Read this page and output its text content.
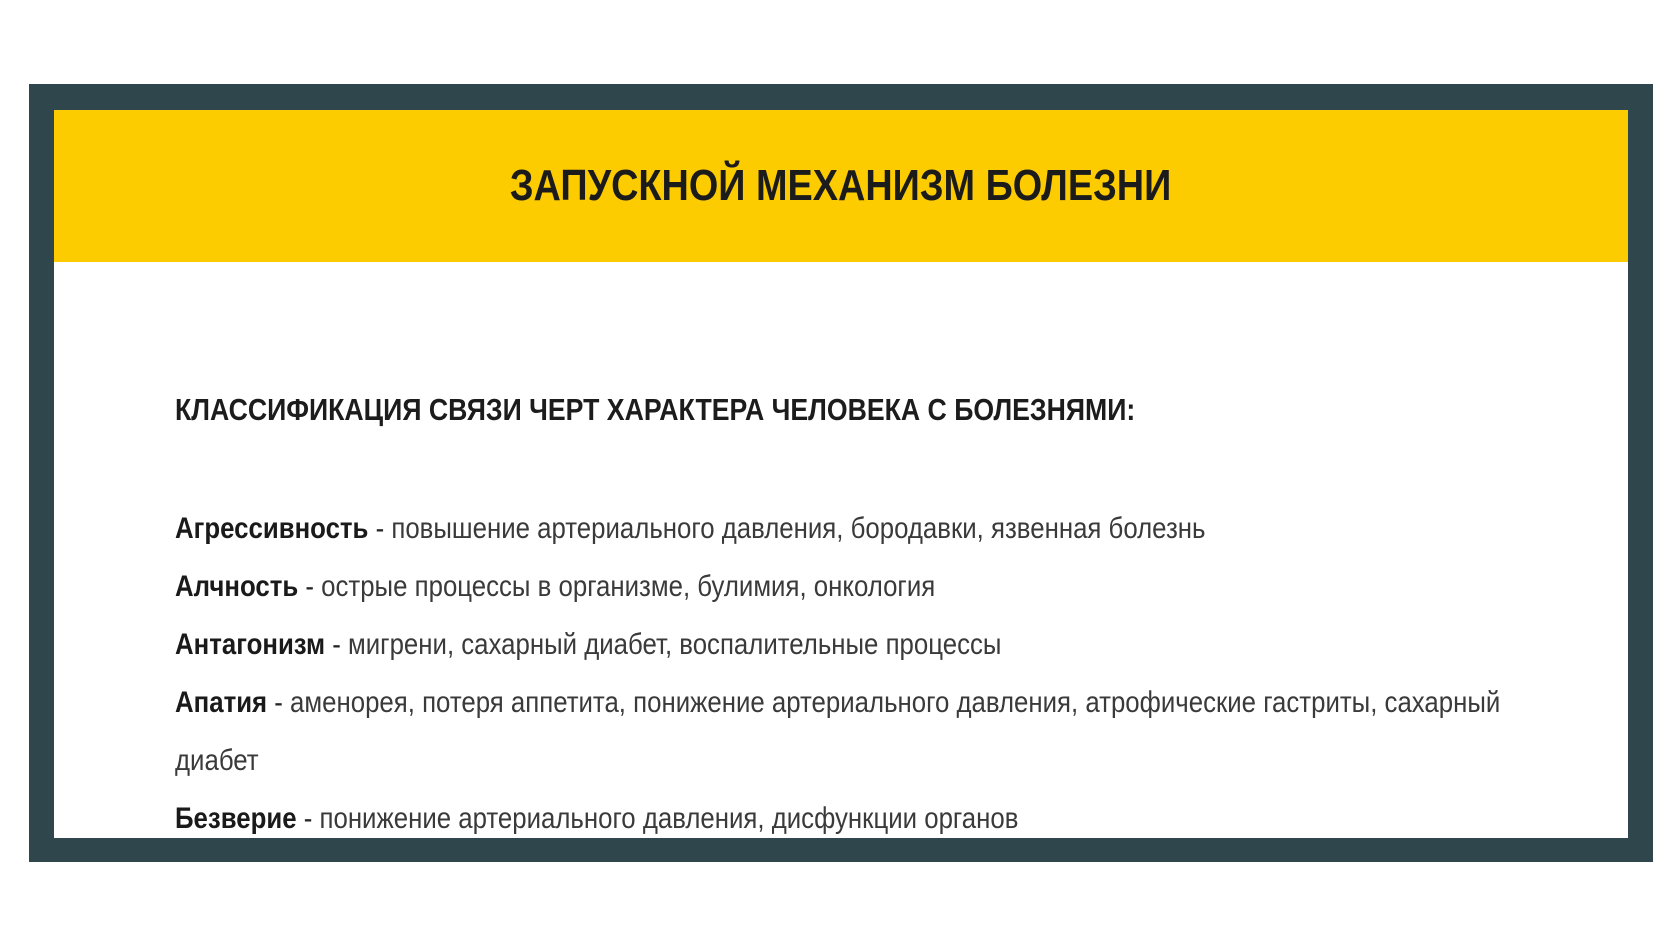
ЗАПУСКНОЙ МЕХАНИЗМ БОЛЕЗНИ
КЛАССИФИКАЦИЯ СВЯЗИ ЧЕРТ ХАРАКТЕРА ЧЕЛОВЕКА С БОЛЕЗНЯМИ:
Агрессивность - повышение артериального давления, бородавки, язвенная болезнь
Алчность - острые процессы в организме, булимия, онкология
Антагонизм - мигрени, сахарный диабет, воспалительные процессы
Апатия - аменорея, потеря аппетита, понижение артериального давления, атрофические гастриты, сахарный диабет
Безверие - понижение артериального давления, дисфункции органов
